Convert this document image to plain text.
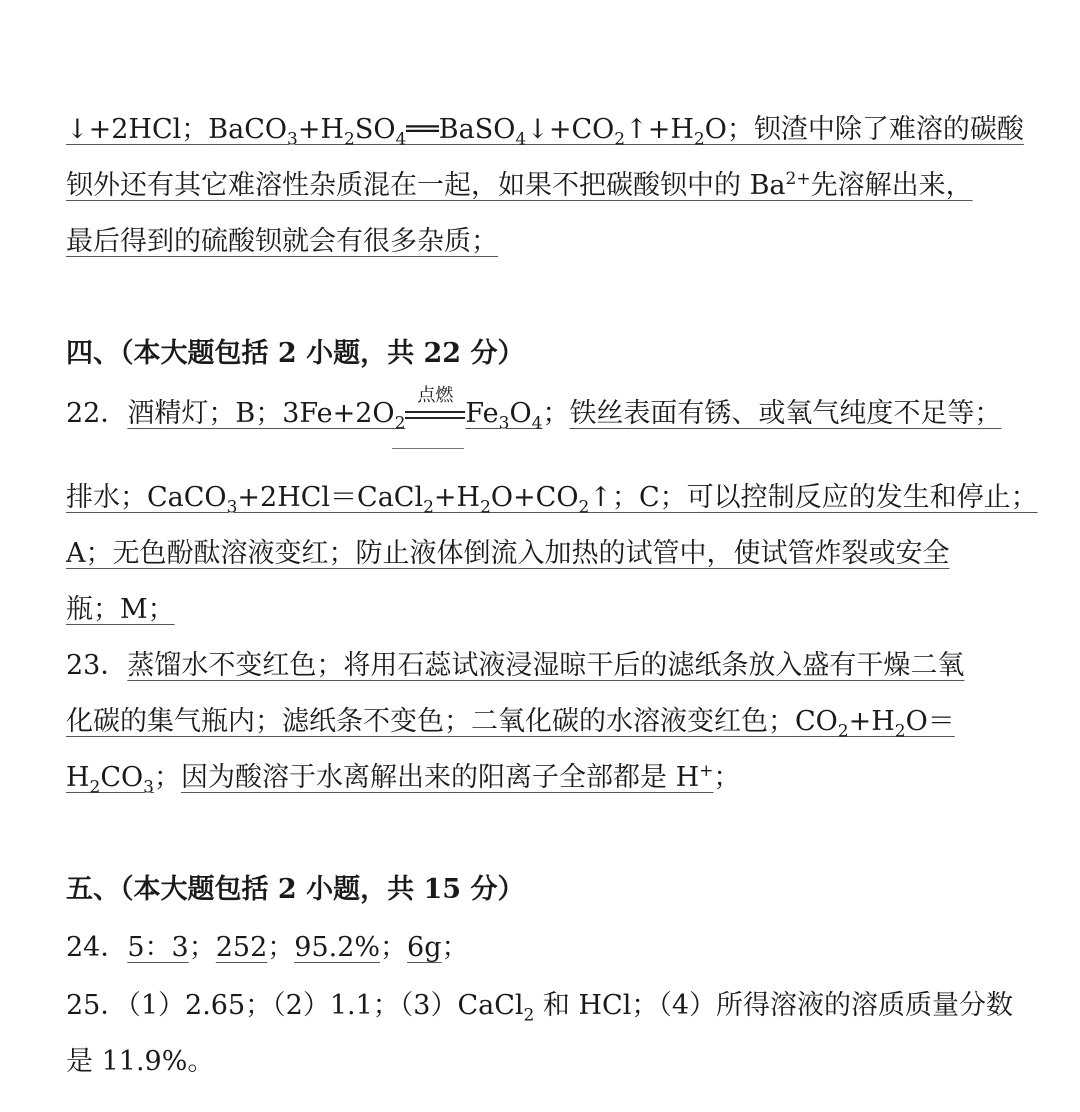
↓+2HCl；$BaCO_3+H_2SO_4══BaSO_4↓+CO_2↑+H_2O$；钡渣中除了难溶的碳酸
钡外还有其它难溶性杂质混在一起，如果不把碳酸钡中的 $Ba^{2+}$先溶解出来，
最后得到的硫酸钡就会有很多杂质；
四、（本大题包括 2 小题，共 22 分）
22．酒精灯；B；$3Fe+2O_2$
点燃
$Fe_3O_4$；铁丝表面有锈、或氧气纯度不足等；
排水；$CaCO_3+2HCl=CaCl_2+H_2O+CO_2↑$；C；可以控制反应的发生和停止；
A；无色酚酞溶液变红；防止液体倒流入加热的试管中，使试管炸裂或安全
瓶；M；
23．蒸馏水不变红色；将用石蕊试液浸湿晾干后的滤纸条放入盛有干燥二氧
化碳的集气瓶内；滤纸条不变色；二氧化碳的水溶液变红色；$CO_2+H_2O=$
$H_2CO_3$；因为酸溶于水离解出来的阳离子全部都是 H+；
五、（本大题包括 2 小题，共 15 分）
24．5：3；252；95.2%；6g；
25．（1）2.65；（2）1.1；（3）CaCl$_2$ 和 HCl；（4）所得溶液的溶质质量分数
是 11.9%。
